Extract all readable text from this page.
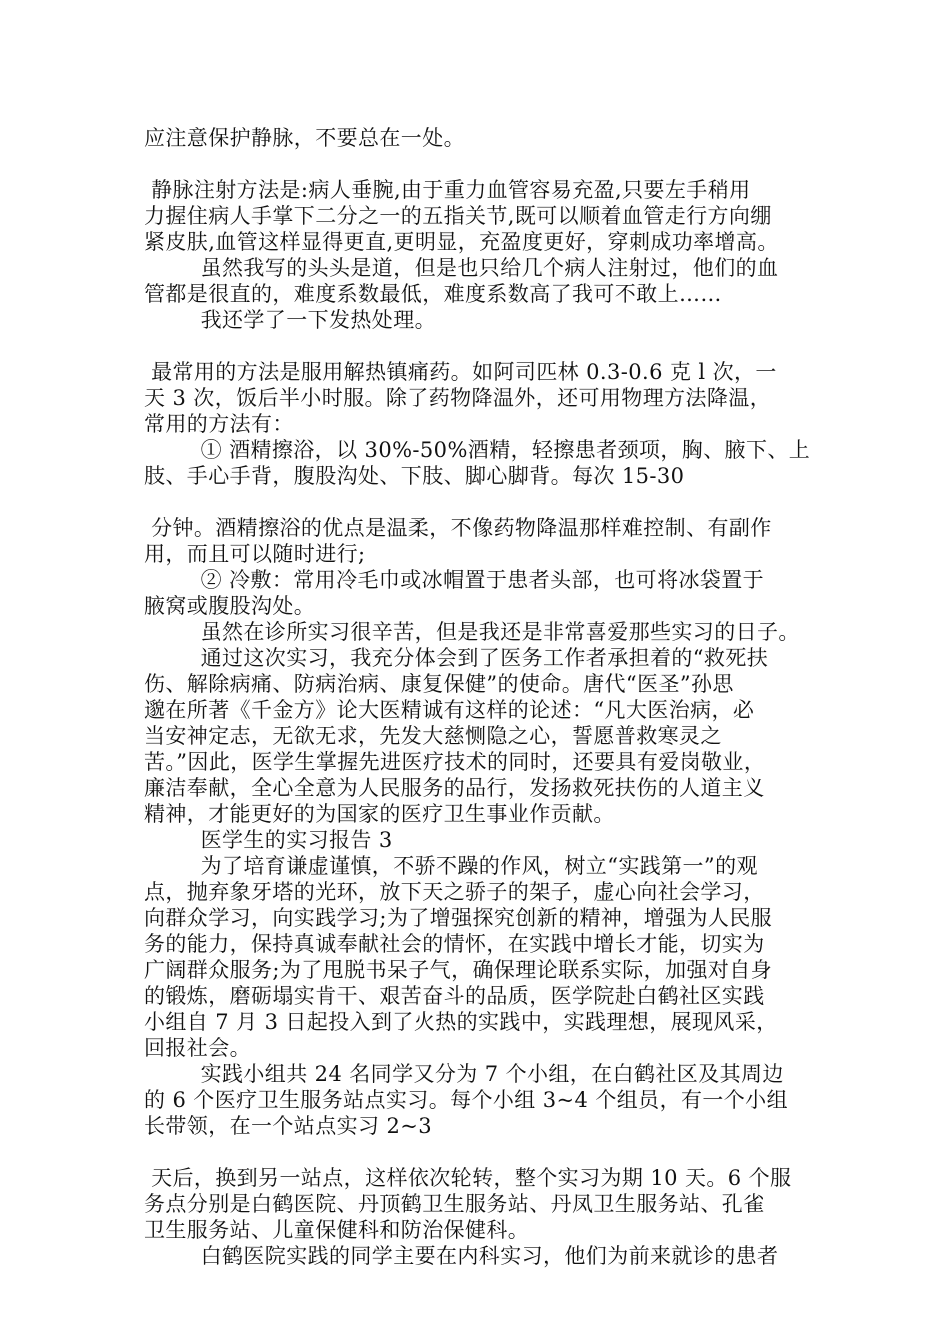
应注意保护静脉，不要总在一处。
静脉注射方法是:病人垂腕,由于重力血管容易充盈,只要左手稍用
力握住病人手掌下二分之一的五指关节,既可以顺着血管走行方向绷
紧皮肤,血管这样显得更直,更明显，充盈度更好，穿刺成功率增高。
虽然我写的头头是道，但是也只给几个病人注射过，他们的血
管都是很直的，难度系数最低，难度系数高了我可不敢上……
我还学了一下发热处理。
最常用的方法是服用解热镇痛药。如阿司匹林 0.3-0.6 克 l 次，一
天 3 次，饭后半小时服。除了药物降温外，还可用物理方法降温，
常用的方法有：
① 酒精擦浴，以 30%-50%酒精，轻擦患者颈项，胸、腋下、上
肢、手心手背，腹股沟处、下肢、脚心脚背。每次 15-30
分钟。酒精擦浴的优点是温柔，不像药物降温那样难控制、有副作
用，而且可以随时进行;
② 冷敷：常用冷毛巾或冰帽置于患者头部，也可将冰袋置于
腋窝或腹股沟处。
虽然在诊所实习很辛苦，但是我还是非常喜爱那些实习的日子。
通过这次实习，我充分体会到了医务工作者承担着的“救死扶
伤、解除病痛、防病治病、康复保健”的使命。唐代“医圣”孙思
邈在所著《千金方》论大医精诚有这样的论述：“凡大医治病，必
当安神定志，无欲无求，先发大慈恻隐之心，誓愿普救寒灵之
苦。”因此，医学生掌握先进医疗技术的同时，还要具有爱岗敬业，
廉洁奉献，全心全意为人民服务的品行，发扬救死扶伤的人道主义
精神，才能更好的为国家的医疗卫生事业作贡献。
医学生的实习报告 3
为了培育谦虚谨慎，不骄不躁的作风，树立“实践第一”的观
点，抛弃象牙塔的光环，放下天之骄子的架子，虚心向社会学习，
向群众学习，向实践学习;为了增强探究创新的精神，增强为人民服
务的能力，保持真诚奉献社会的情怀，在实践中增长才能，切实为
广阔群众服务;为了甩脱书呆子气，确保理论联系实际，加强对自身
的锻炼，磨砺塌实肯干、艰苦奋斗的品质，医学院赴白鹤社区实践
小组自 7 月 3 日起投入到了火热的实践中，实践理想，展现风采，
回报社会。
实践小组共 24 名同学又分为 7 个小组，在白鹤社区及其周边
的 6 个医疗卫生服务站点实习。每个小组 3~4 个组员，有一个小组
长带领，在一个站点实习 2~3
天后，换到另一站点，这样依次轮转，整个实习为期 10 天。6 个服
务点分别是白鹤医院、丹顶鹤卫生服务站、丹凤卫生服务站、孔雀
卫生服务站、儿童保健科和防治保健科。
白鹤医院实践的同学主要在内科实习，他们为前来就诊的患者
